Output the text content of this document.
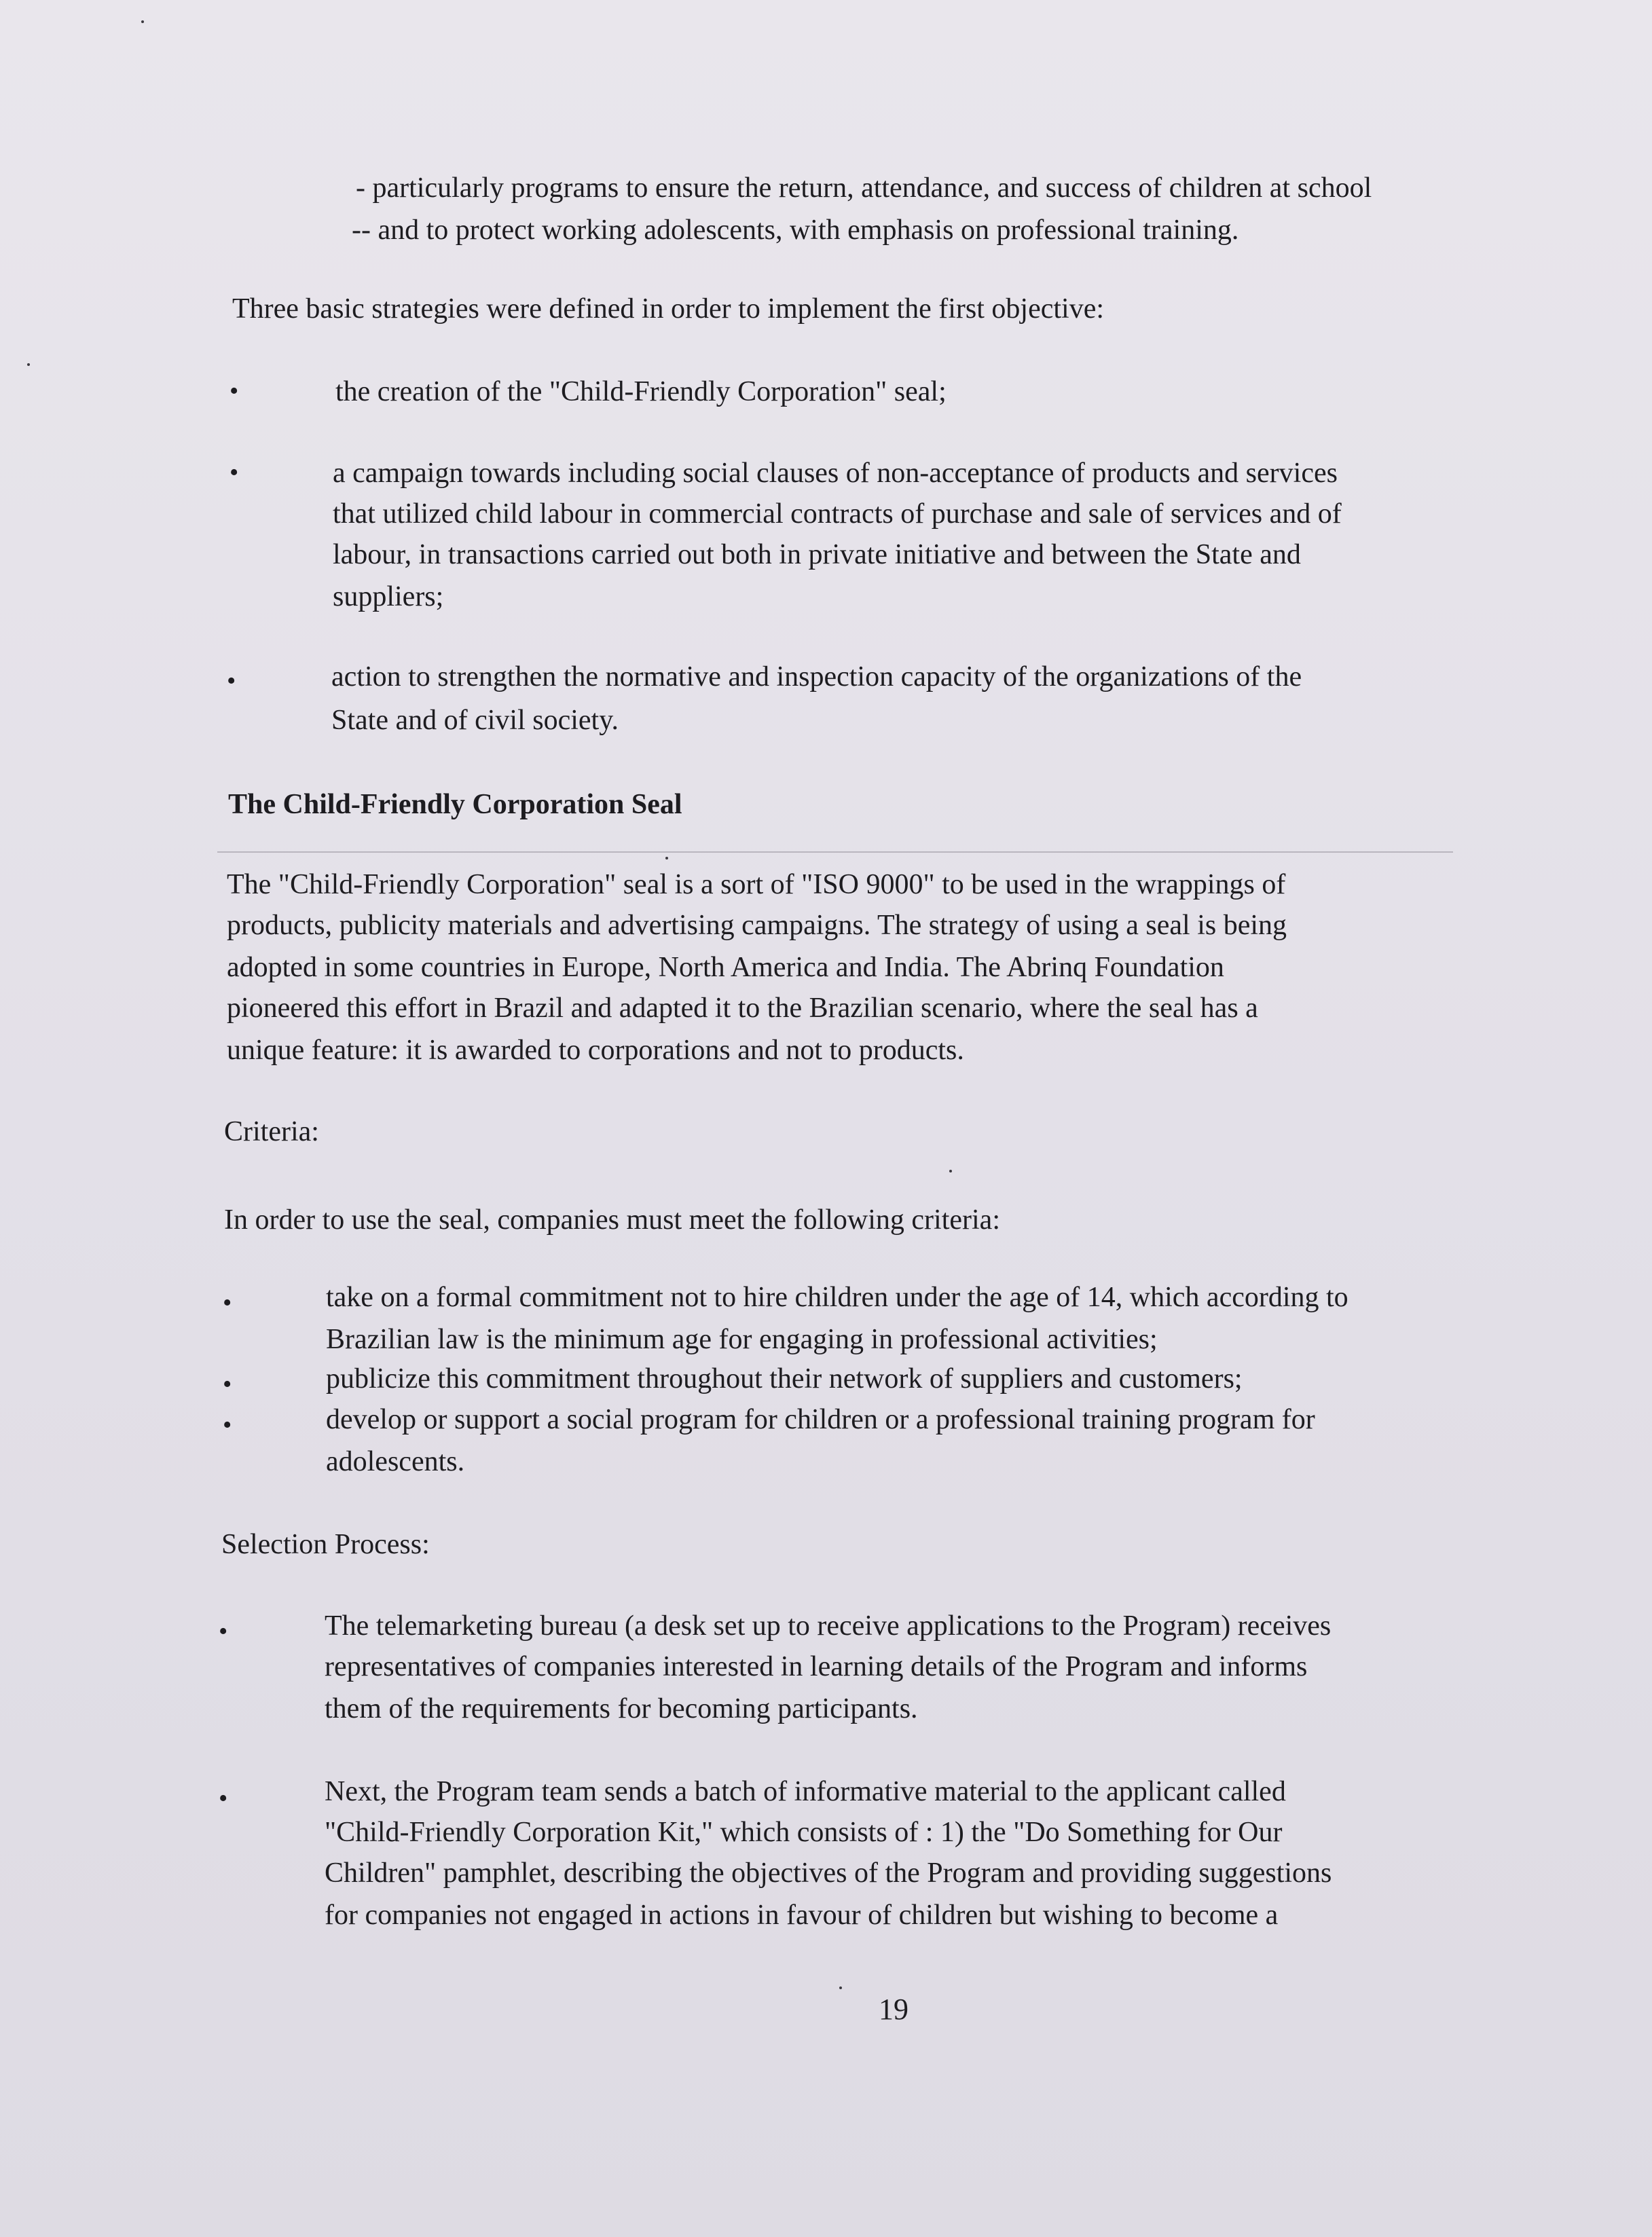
- particularly programs to ensure the return, attendance, and success of children at school
-- and to protect working adolescents, with emphasis on professional training.
Three basic strategies were defined in order to implement the first objective:
•	the creation of the "Child-Friendly Corporation" seal;
•	a campaign towards including social clauses of non-acceptance of products and services
that utilized child labour in commercial contracts of purchase and sale of services and of
labour, in transactions carried out both in private initiative and between the State and
suppliers;
•	action to strengthen the normative and inspection capacity of the organizations of the
State and of civil society.
The Child-Friendly Corporation Seal
The "Child-Friendly Corporation" seal is a sort of "ISO 9000" to be used in the wrappings of
products, publicity materials and advertising campaigns. The strategy of using a seal is being
adopted in some countries in Europe, North America and India. The Abrinq Foundation
pioneered this effort in Brazil and adapted it to the Brazilian scenario, where the seal has a
unique feature: it is awarded to corporations and not to products.
Criteria:
In order to use the seal, companies must meet the following criteria:
•	take on a formal commitment not to hire children under the age of 14, which according to
Brazilian law is the minimum age for engaging in professional activities;
•	publicize this commitment throughout their network of suppliers and customers;
•	develop or support a social program for children or a professional training program for
adolescents.
Selection Process:
•	The telemarketing bureau (a desk set up to receive applications to the Program) receives
representatives of companies interested in learning details of the Program and informs
them of the requirements for becoming participants.
•	Next, the Program team sends a batch of informative material to the applicant called
"Child-Friendly Corporation Kit," which consists of : 1) the "Do Something for Our
Children" pamphlet, describing the objectives of the Program and providing suggestions
for companies not engaged in actions in favour of children but wishing to become a
19
